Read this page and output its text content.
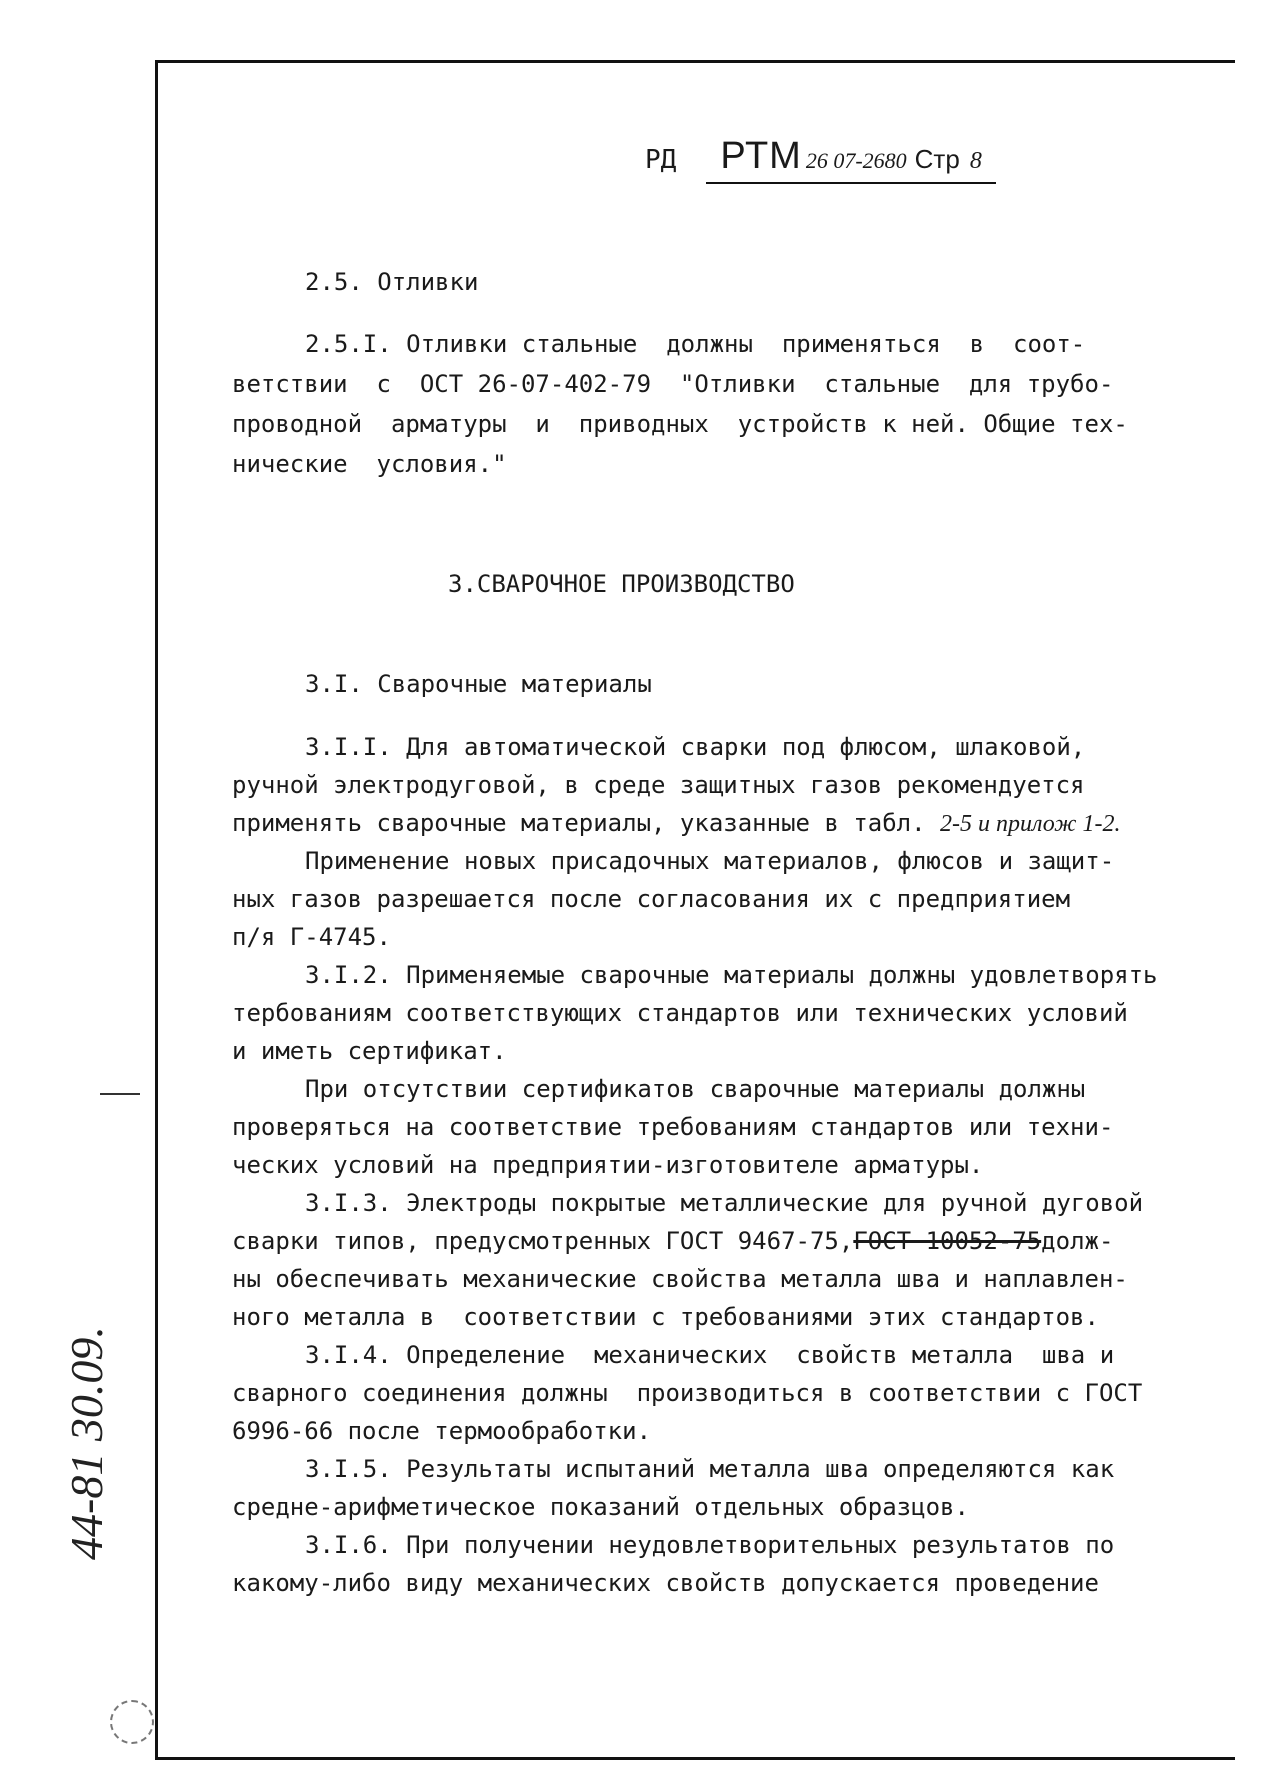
РД РТМ 26 07-2680 Стр 8
2.5. Отливки
2.5.I. Отливки стальные  должны  применяться  в  соот-
ветствии  с  ОСТ 26-07-402-79  "Отливки  стальные  для трубо-
проводной  арматуры  и  приводных  устройств к ней. Общие тех-
нические  условия."
3.СВАРОЧНОЕ ПРОИЗВОДСТВО
3.I. Сварочные материалы
3.I.I. Для автоматической сварки под флюсом, шлаковой,
ручной электродуговой, в среде защитных газов рекомендуется
применять сварочные материалы, указанные в табл. 2-5 и прилож 1-2.
Применение новых присадочных материалов, флюсов и защит-
ных газов разрешается после согласования их с предприятием
п/я Г-4745.
3.I.2. Применяемые сварочные материалы должны удовлетворять
тербованиям соответствующих стандартов или технических условий
и иметь сертификат.
При отсутствии сертификатов сварочные материалы должны
проверяться на соответствие требованиям стандартов или техни-
ческих условий на предприятии-изготовителе арматуры.
3.I.3. Электроды покрытые металлические для ручной дуговой
сварки типов, предусмотренных ГОСТ 9467-75,ГОСТ 10052-75долж-
ны обеспечивать механические свойства металла шва и наплавлен-
ного металла в  соответствии с требованиями этих стандартов.
3.I.4. Определение  механических  свойств металла  шва и
сварного соединения должны  производиться в соответствии с ГОСТ
6996-66 после термообработки.
3.I.5. Результаты испытаний металла шва определяются как
средне-арифметическое показаний отдельных образцов.
3.I.6. При получении неудовлетворительных результатов по
какому-либо виду механических свойств допускается проведение
44-81 30.09.
